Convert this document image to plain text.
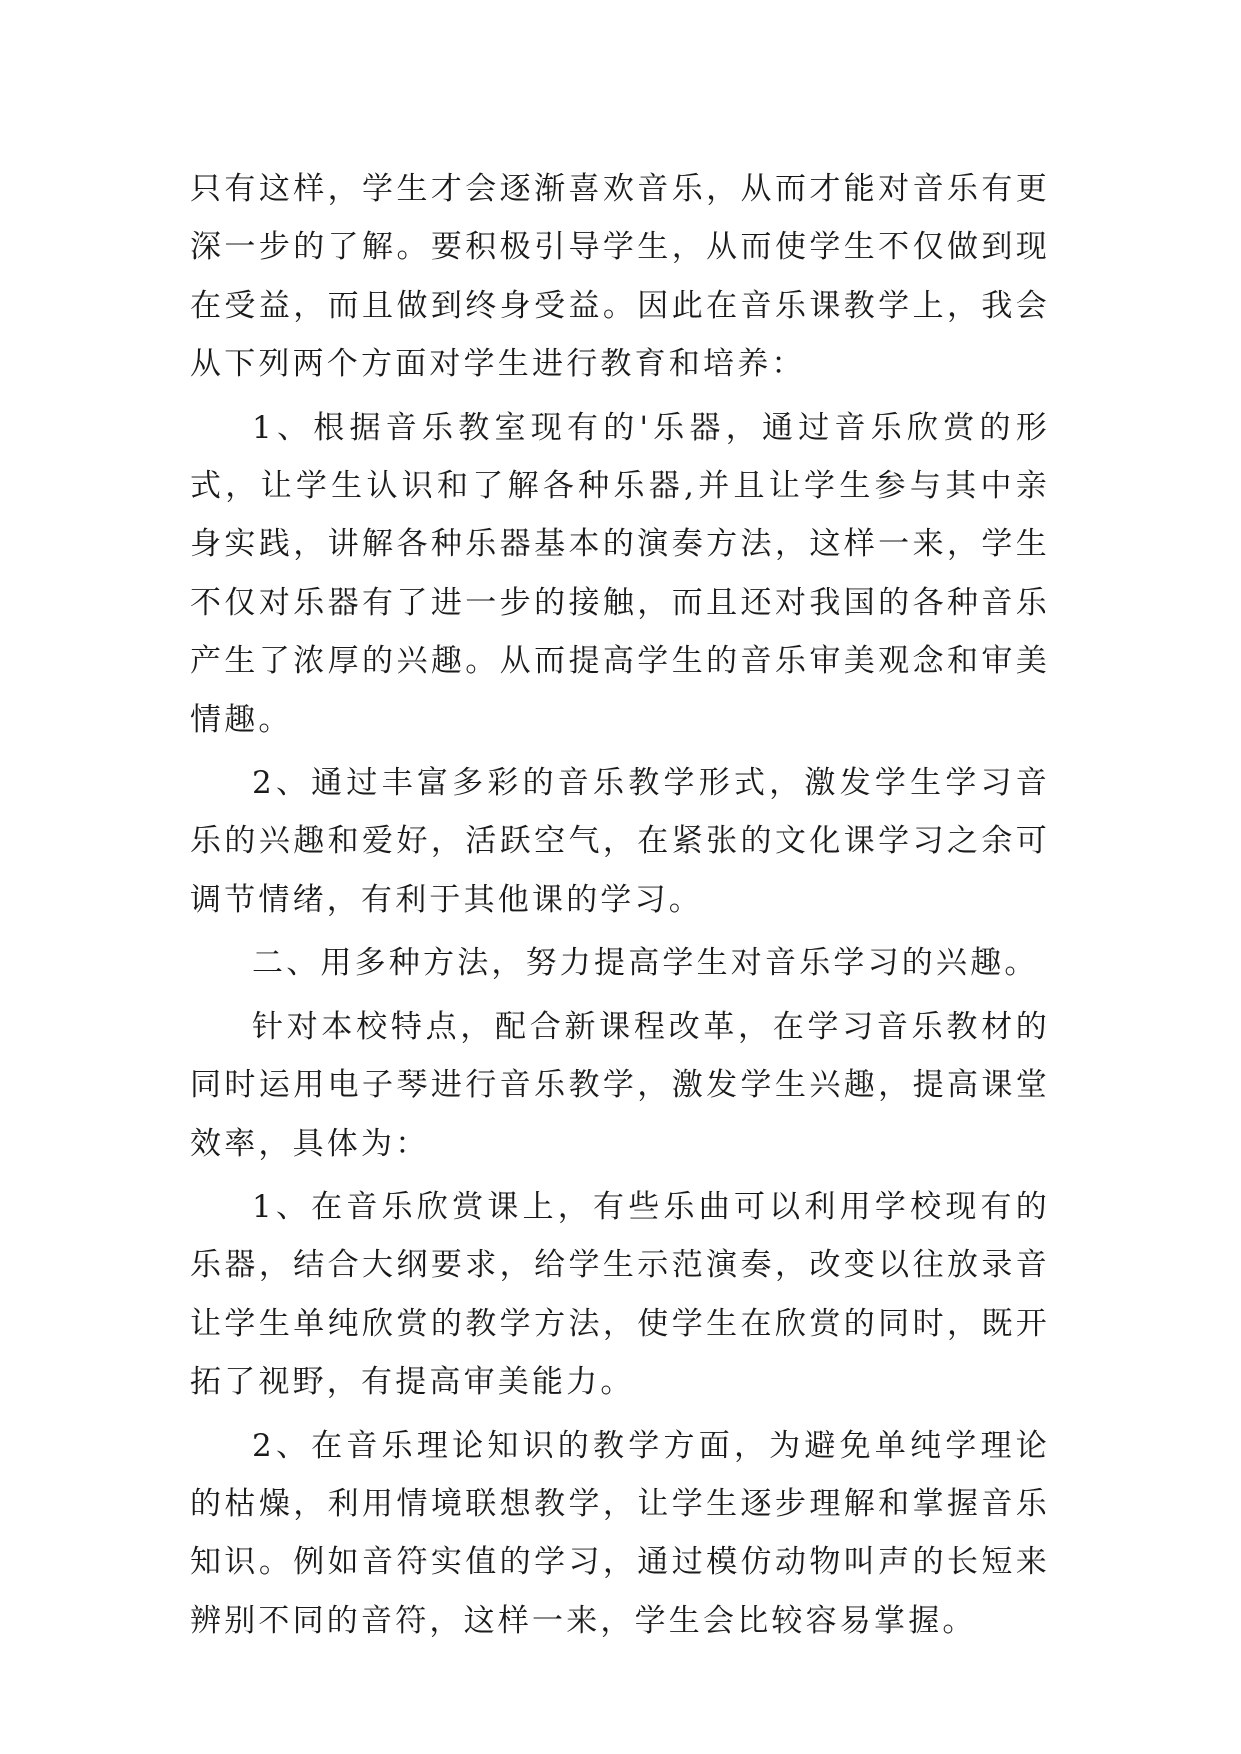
只有这样，学生才会逐渐喜欢音乐，从而才能对音乐有更深一步的了解。要积极引导学生，从而使学生不仅做到现在受益，而且做到终身受益。因此在音乐课教学上，我会从下列两个方面对学生进行教育和培养：

1、根据音乐教室现有的'乐器，通过音乐欣赏的形式，让学生认识和了解各种乐器,并且让学生参与其中亲身实践，讲解各种乐器基本的演奏方法，这样一来，学生不仅对乐器有了进一步的接触，而且还对我国的各种音乐产生了浓厚的兴趣。从而提高学生的音乐审美观念和审美情趣。

2、通过丰富多彩的音乐教学形式，激发学生学习音乐的兴趣和爱好，活跃空气，在紧张的文化课学习之余可调节情绪，有利于其他课的学习。

二、用多种方法，努力提高学生对音乐学习的兴趣。

针对本校特点，配合新课程改革，在学习音乐教材的同时运用电子琴进行音乐教学，激发学生兴趣，提高课堂效率，具体为：

1、在音乐欣赏课上，有些乐曲可以利用学校现有的乐器，结合大纲要求，给学生示范演奏，改变以往放录音让学生单纯欣赏的教学方法，使学生在欣赏的同时，既开拓了视野，有提高审美能力。

2、在音乐理论知识的教学方面，为避免单纯学理论的枯燥，利用情境联想教学，让学生逐步理解和掌握音乐知识。例如音符实值的学习，通过模仿动物叫声的长短来辨别不同的音符，这样一来，学生会比较容易掌握。
